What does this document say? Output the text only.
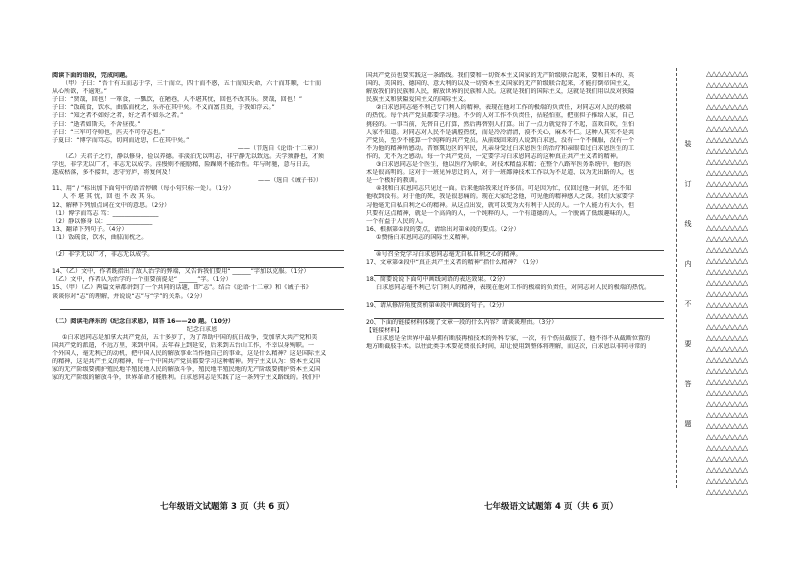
阅读下面的语段，完成问题。
（甲）子曰：“吾十有五而志于学，三十而立，四十而不惑，五十而知天命，六十而耳顺，七十而
从心所欲，不逾矩。”
子曰：“贤哉，回也！一箪食，一瓢饮，在陋巷，人不堪其忧，回也不改其乐。贤哉，回也！”
子曰：“饭疏食，饮水，曲肱而枕之，乐亦在其中矣。不义而富且贵，于我如浮云。”
子曰：“知之者不如好之者，好之者不如乐之者。”
子曰：“逝者如斯夫，不舍昼夜。”
子曰：“三军可夺帅也，匹夫不可夺志也。”
子夏曰：“博学而笃志，切问而近思，仁在其中矣。”
——（节选自《论语·十二章》）
（乙）夫君子之行，静以修身，俭以养德。非淡泊无以明志，非宁静无以致远。夫学须静也，才须
学也，非学无以广才，非志无以成学。淫慢则不能励精，险躁则不能治性。年与时驰，意与日去，
遂成枯落，多不接世，悲守穷庐，将复何及！
——（选自《诫子书》）
11、用“ / ”标出加下面句中的语音停顿（每小句只标一处）。（1分）
人 不 堪 其 忧，回 也 不 改 其 乐。
12、解释下列加点词在文中的意思。（2分）
（1）博学而笃志 笃：_______________
（2）静以修身 以：_______________
13、翻译下列句子。（4分）
（1）饭疏食，饮水，曲肱而枕之。
（2）非学无以广才，非志无以成学。
14、（乙）文中，作者既指出了敌人治学的弊端，又告诉我们要用“ ______”字加以克服。（1分）
（乙）文中，作者认为治学的一个重要前提是“ ______”字。（1分）
15、（甲）（乙）两篇文章都讲到了一个共同的话题，即“志”。结合《论语·十二章》和《诫子书》
谈谈你对“志”的理解，并说说“志”与“学”的关系。（2分）

（二）阅读毛泽东的《纪念白求恩》，回答 16——20 题。（10分）
纪念白求恩
①白求恩同志是加拿大共产党员，五十多岁了，为了帮助中国的抗日战争，受加拿大共产党和美
国共产党的派遣，不远万里，来到中国。去年春上到延安，后来到五台山工作，不幸以身殉职。一
个外国人，毫无利己的动机，把中国人民的解放事业当作他自己的事业，这是什么精神？这是国际主义
的精神，这是共产主义的精神，每一个中国共产党员都要学习这种精神。列宁主义认为：资本主义国
家的无产阶级要拥护殖民地半殖民地人民的解放斗争，殖民地半殖民地的无产阶级要拥护资本主义国
家的无产阶级的解放斗争，世界革命才能胜利。白求恩同志是实践了这一条列宁主义路线的。我们中
国共产党员也要实践这一条路线。我们要和一切资本主义国家的无产阶级联合起来，要和日本的、英
国的、美国的、德国的、意大利的以及一切资本主义国家的无产阶级联合起来，才能打倒帝国主义，
解放我们的民族和人民，解放世界的民族和人民。这就是我们的国际主义，这就是我们用以反对狭隘
民族主义和狭隘爱国主义的国际主义。
②白求恩同志毫不利己专门利人的精神，表现在他对工作的极端的负责任，对同志对人民的极端
的热忱。每个共产党员都要学习他。不少的人对工作不负责任，拈轻怕重，把重担子推给人家，自己
挑轻的。一事当前，先替自己打算，然后再替别人打算。出了一点力就觉得了不起，喜欢自吹，生怕
人家不知道。对同志对人民不是满腔热忱，而是冷冷清清，漠不关心，麻木不仁。这种人其实不是共
产党员，至少不能算一个纯粹的共产党员。从前线回来的人说到白求恩，没有一个不佩服，没有一个
不为他的精神所感动。晋察冀边区的军民，凡亲身受过白求恩医生的治疗和亲眼看过白求恩医生的工
作的，无不为之感动。每一个共产党员，一定要学习白求恩同志的这种真正共产主义者的精神。
③白求恩同志是个医生，他以医疗为职业，对技术精益求精；在整个八路军医务系统中，他的医
术是很高明的。这对于一班见异思迁的人，对于一班鄙薄技术工作以为不足道、以为无出路的人，也
是一个极好的教训。
④我和白求恩同志只见过一面。后来他给我来过许多信。可是因为忙，仅回过他一封信，还不知
他收到没有。对于他的死，我是很悲痛的。现在大家纪念他，可见他的精神感人之深。我们大家要学
习他毫无自私自利之心的精神。从这点出发，就可以变为大有利于人民的人。一个人能力有大小，但
只要有这点精神，就是一个高尚的人，一个纯粹的人，一个有道德的人，一个脱离了低级趣味的人，
一个有益于人民的人。
16、根据第①段的要点，请给出对第④段的要点。（2分）
①赞扬白求恩同志的国际主义精神。
④号召全党学习白求恩同志毫无自私自利之心的精神。
17、文章第②段中“真正共产主义者的精神”指什么精神？（1分）
18、简要说说下面句中画线词语的表达效果。（2分）
白求恩同志毫不利己专门利人的精神，表现在他对工作的极端的负责任，对同志对人民的极端的热忱。
19、请从修辞角度赏析第④段中画线的句子。（2分）
20、下面的链接材料体现了文章一段的什么内容？请谈谈理由。（3分）
【链接材料】
白求恩是全世界中最早拥有断肢再植技术的外科专家，一次，有个伤员截肢了，他不得不从截断位置的
地方断截肢手术。以往此类手术要花费很长时间，却让使用到整体将理解，而这次，白求恩以非同寻常的
七年级语文试题第 3 页（共 6 页）	七年级语文试题第 4 页（共 6 页）
装
订
线
内
不
要
答
题
△△△△△△△△
△△△△△△△△
△△△△△△△△
△△△△△△△△
△△△△△△△△
△△△△△△△△
△△△△△△△△
△△△△△△△△
△△△△△△△△
△△△△△△△△
△△△△△△△△
△△△△△△△△
△△△△△△△△
△△△△△△△△
△△△△△△△△
△△△△△△△△
△△△△△△△△
△△△△△△△△
△△△△△△△△
△△△△△△△△
△△△△△△△△
△△△△△△△△
△△△△△△△△
△△△△△△△△
△△△△△△△△
△△△△△△△△
△△△△△△△△
△△△△△△△△
△△△△△△△△
△△△△△△△△
△△△△△△△△
△△△△△△△△
△△△△△△△△
△△△△△△△△
△△△△△△△△
△△△△△△△△
△△△△△△△△
△△△△△△△△
△△△△△△△△
